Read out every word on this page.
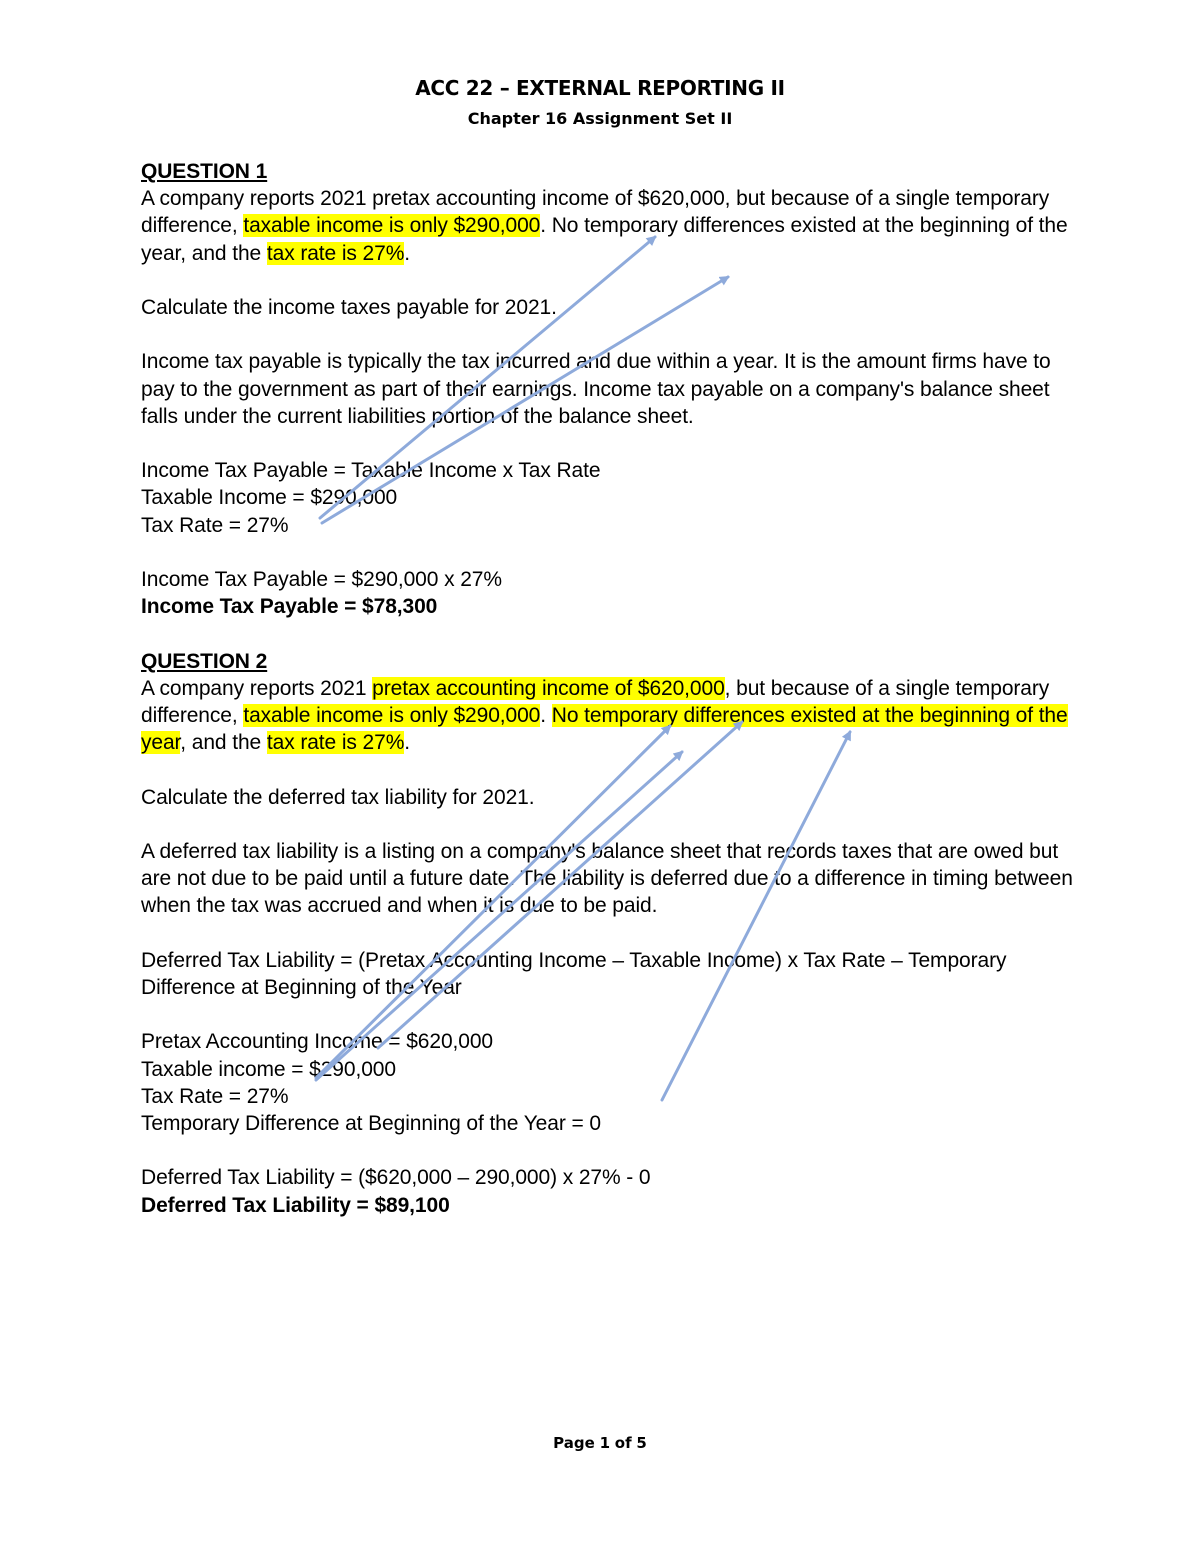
ACC 22 – EXTERNAL REPORTING II
Chapter 16 Assignment Set II

QUESTION 1

A company reports 2021 pretax accounting income of $620,000, but because of a single temporary difference, taxable income is only $290,000. No temporary differences existed at the beginning of the year, and the tax rate is 27%.

Calculate the income taxes payable for 2021.

Income tax payable is typically the tax incurred and due within a year. It is the amount firms have to pay to the government as part of their earnings. Income tax payable on a company's balance sheet falls under the current liabilities portion of the balance sheet.

Income Tax Payable = Taxable Income x Tax Rate

Taxable Income = $290,000

Tax Rate = 27%

Income Tax Payable = $290,000 x 27%

Income Tax Payable = $78,300

QUESTION 2

A company reports 2021 pretax accounting income of $620,000, but because of a single temporary difference, taxable income is only $290,000. No temporary differences existed at the beginning of the year, and the tax rate is 27%.

Calculate the deferred tax liability for 2021.

A deferred tax liability is a listing on a company's balance sheet that records taxes that are owed but are not due to be paid until a future date. The liability is deferred due to a difference in timing between when the tax was accrued and when it is due to be paid.

Deferred Tax Liability = (Pretax Accounting Income – Taxable Income) x Tax Rate – Temporary Difference at Beginning of the Year

Pretax Accounting Income = $620,000

Taxable income = $290,000

Tax Rate = 27%

Temporary Difference at Beginning of the Year = 0

Deferred Tax Liability = ($620,000 – 290,000) x 27% - 0

Deferred Tax Liability = $89,100

Page 1 of 5
